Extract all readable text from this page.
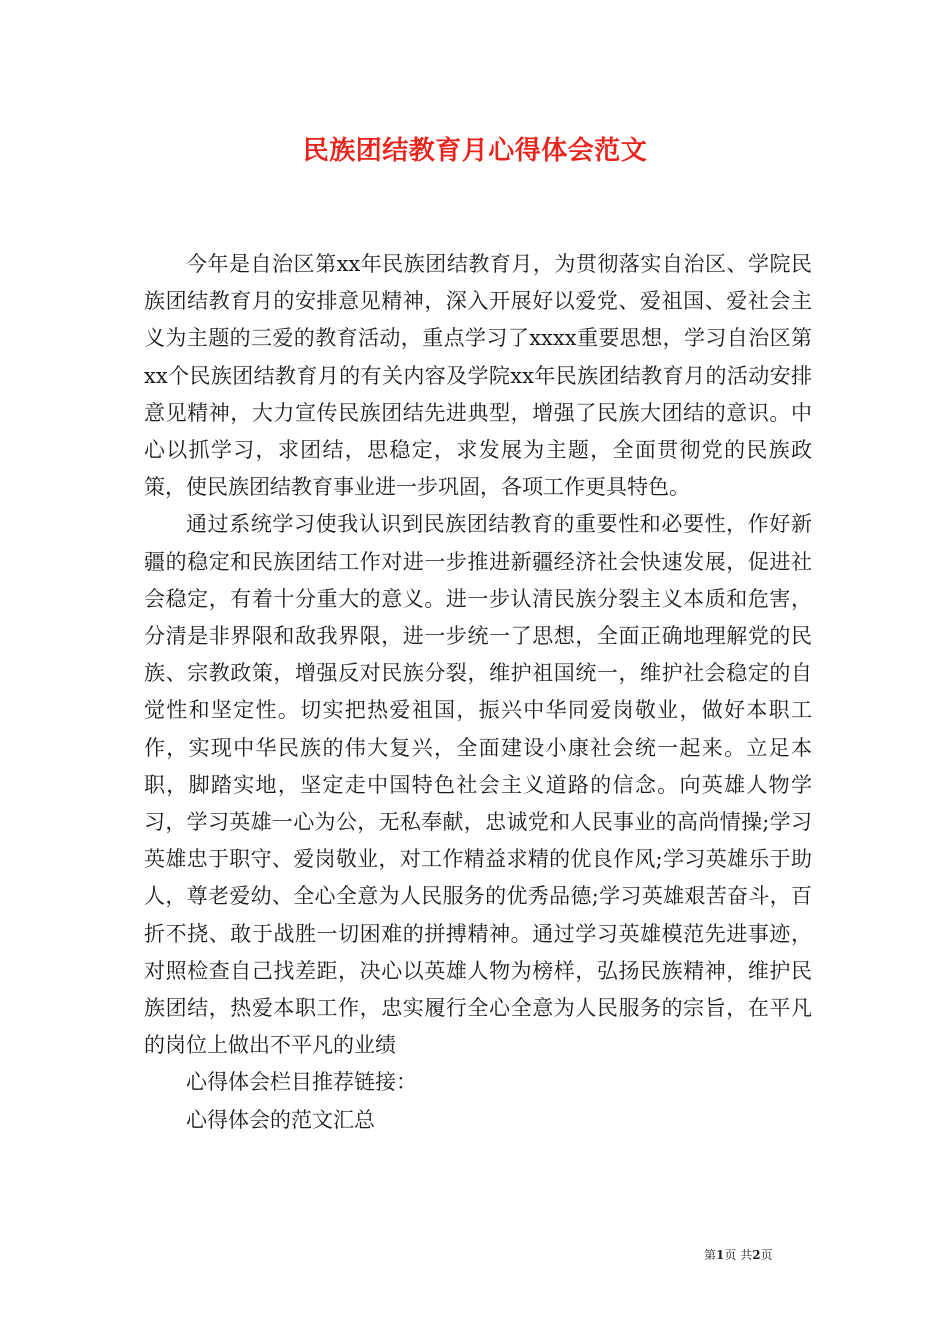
民族团结教育月心得体会范文

今年是自治区第xx年民族团结教育月，为贯彻落实自治区、学院民族团结教育月的安排意见精神，深入开展好以爱党、爱祖国、爱社会主义为主题的三爱的教育活动，重点学习了xxxx重要思想，学习自治区第xx个民族团结教育月的有关内容及学院xx年民族团结教育月的活动安排意见精神，大力宣传民族团结先进典型，增强了民族大团结的意识。中心以抓学习，求团结，思稳定，求发展为主题，全面贯彻党的民族政策，使民族团结教育事业进一步巩固，各项工作更具特色。

通过系统学习使我认识到民族团结教育的重要性和必要性，作好新疆的稳定和民族团结工作对进一步推进新疆经济社会快速发展，促进社会稳定，有着十分重大的意义。进一步认清民族分裂主义本质和危害，分清是非界限和敌我界限，进一步统一了思想，全面正确地理解党的民族、宗教政策，增强反对民族分裂，维护祖国统一，维护社会稳定的自觉性和坚定性。切实把热爱祖国，振兴中华同爱岗敬业，做好本职工作，实现中华民族的伟大复兴，全面建设小康社会统一起来。立足本职，脚踏实地，坚定走中国特色社会主义道路的信念。向英雄人物学习，学习英雄一心为公，无私奉献，忠诚党和人民事业的高尚情操;学习英雄忠于职守、爱岗敬业，对工作精益求精的优良作风;学习英雄乐于助人，尊老爱幼、全心全意为人民服务的优秀品德;学习英雄艰苦奋斗，百折不挠、敢于战胜一切困难的拼搏精神。通过学习英雄模范先进事迹，对照检查自己找差距，决心以英雄人物为榜样，弘扬民族精神，维护民族团结，热爱本职工作，忠实履行全心全意为人民服务的宗旨，在平凡的岗位上做出不平凡的业绩

心得体会栏目推荐链接：

心得体会的范文汇总

第1页 共2页
